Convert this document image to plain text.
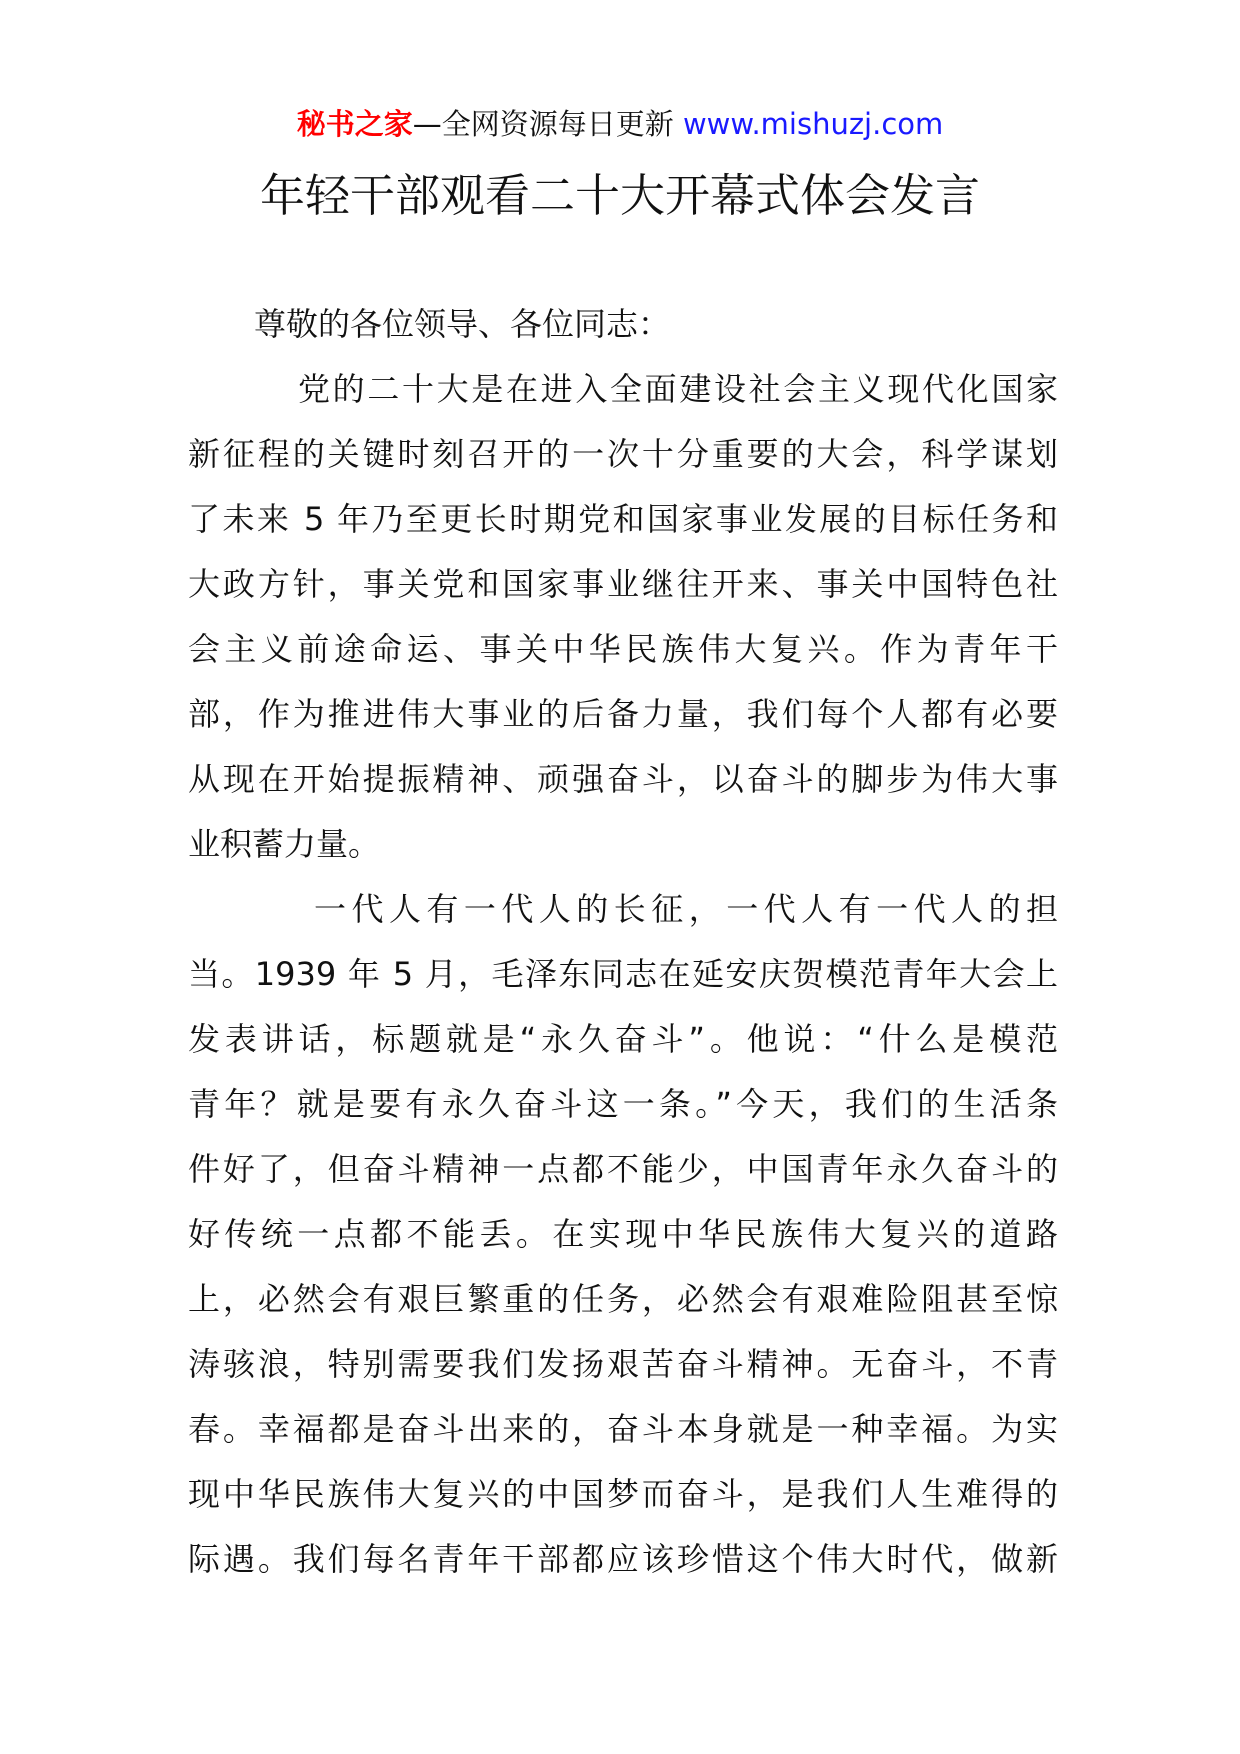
秘书之家—全网资源每日更新 www.mishuzj.com
年轻干部观看二十大开幕式体会发言
尊敬的各位领导、各位同志：
党的二十大是在进入全面建设社会主义现代化国家
新征程的关键时刻召开的一次十分重要的大会，科学谋划
了未来 5 年乃至更长时期党和国家事业发展的目标任务和
大政方针，事关党和国家事业继往开来、事关中国特色社
会主义前途命运、事关中华民族伟大复兴。作为青年干
部，作为推进伟大事业的后备力量，我们每个人都有必要
从现在开始提振精神、顽强奋斗，以奋斗的脚步为伟大事
业积蓄力量。
一代人有一代人的长征，一代人有一代人的担
当。1939 年 5 月，毛泽东同志在延安庆贺模范青年大会上
发表讲话，标题就是“永久奋斗”。他说：“什么是模范
青年？就是要有永久奋斗这一条。”今天，我们的生活条
件好了，但奋斗精神一点都不能少，中国青年永久奋斗的
好传统一点都不能丢。在实现中华民族伟大复兴的道路
上，必然会有艰巨繁重的任务，必然会有艰难险阻甚至惊
涛骇浪，特别需要我们发扬艰苦奋斗精神。无奋斗，不青
春。幸福都是奋斗出来的，奋斗本身就是一种幸福。为实
现中华民族伟大复兴的中国梦而奋斗，是我们人生难得的
际遇。我们每名青年干部都应该珍惜这个伟大时代，做新
